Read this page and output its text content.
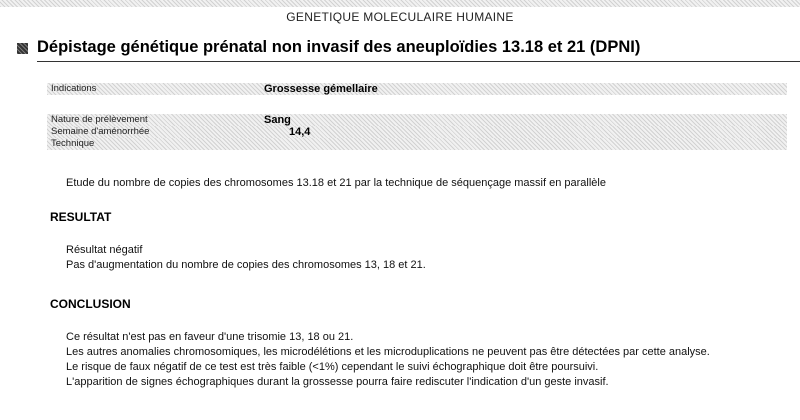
GENETIQUE MOLECULAIRE HUMAINE
Dépistage génétique prénatal non invasif des aneuploïdies 13.18 et 21 (DPNI)
Indications	Grossesse gémellaire
Nature de prélèvement	Sang
Semaine d'aménorrhée	14,4
Technique
Etude du nombre de copies des chromosomes 13.18 et 21 par la technique de séquençage massif en parallèle
RESULTAT
Résultat négatif
Pas d'augmentation du nombre de copies des chromosomes 13, 18 et 21.
CONCLUSION
Ce résultat n'est pas en faveur d'une trisomie 13, 18 ou 21.
Les autres anomalies chromosomiques, les microdélétions et les microduplications ne peuvent pas être détectées par cette analyse.
Le risque de faux négatif de ce test est très faible (<1%) cependant le suivi échographique doit être poursuivi.
L'apparition de signes échographiques durant la grossesse pourra faire rediscuter l'indication d'un geste invasif.
